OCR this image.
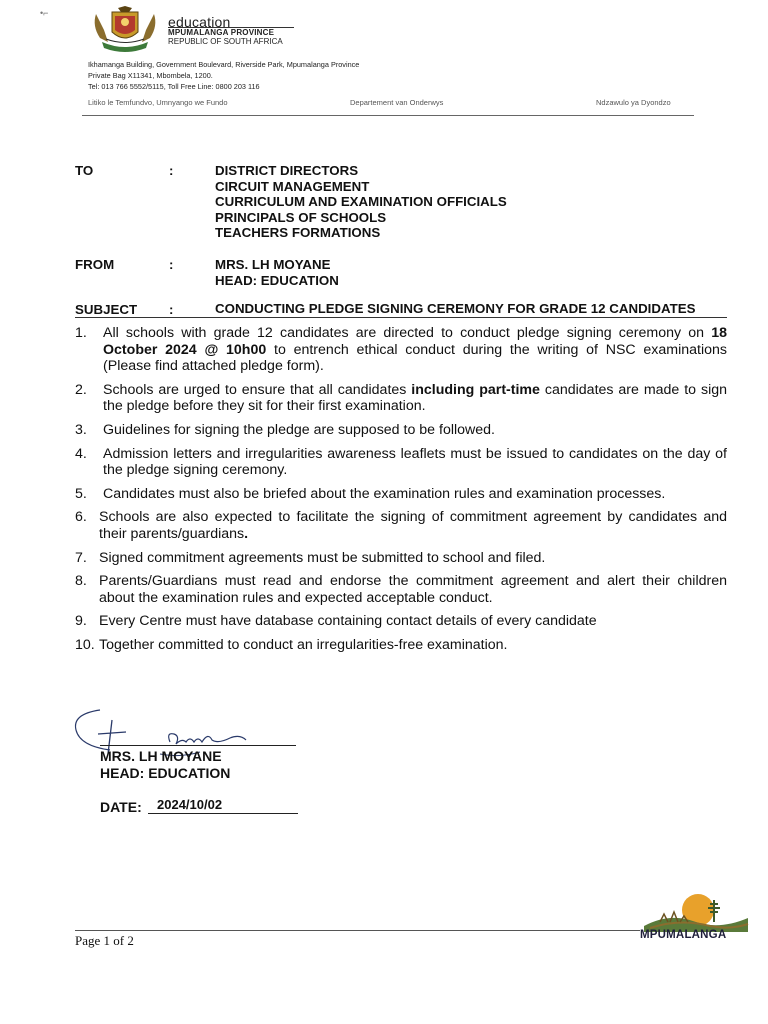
•⌐
education
MPUMALANGA PROVINCE
REPUBLIC OF SOUTH AFRICA
Ikhamanga Building, Government Boulevard, Riverside Park, Mpumalanga Province
Private Bag X11341, Mbombela, 1200.
Tel: 013 766 5552/5115, Toll Free Line: 0800 203 116
Litiko le Temfundvo, Umnyango we Fundo	Departement van Onderwys	Ndzawulo ya Dyondzo
TO	:	DISTRICT DIRECTORS
CIRCUIT MANAGEMENT
CURRICULUM AND EXAMINATION OFFICIALS
PRINCIPALS OF SCHOOLS
TEACHERS FORMATIONS
FROM	:	MRS. LH MOYANE
HEAD: EDUCATION
SUBJECT :	CONDUCTING PLEDGE SIGNING CEREMONY FOR GRADE 12 CANDIDATES
1.	All schools with grade 12 candidates are directed to conduct pledge signing ceremony on 18 October 2024 @ 10h00 to entrench ethical conduct during the writing of NSC examinations (Please find attached pledge form).
2.	Schools are urged to ensure that all candidates including part-time candidates are made to sign the pledge before they sit for their first examination.
3.	Guidelines for signing the pledge are supposed to be followed.
4.	Admission letters and irregularities awareness leaflets must be issued to candidates on the day of the pledge signing ceremony.
5.	Candidates must also be briefed about the examination rules and examination processes.
6. Schools are also expected to facilitate the signing of commitment agreement by candidates and their parents/guardians.
7. Signed commitment agreements must be submitted to school and filed.
8. Parents/Guardians must read and endorse the commitment agreement and alert their children about the examination rules and expected acceptable conduct.
9. Every Centre must have database containing contact details of every candidate
10. Together committed to conduct an irregularities-free examination.
MRS. LH MOYANE
HEAD: EDUCATION
DATE: 2024/10/02
Page 1 of 2	MPUMALANGA
